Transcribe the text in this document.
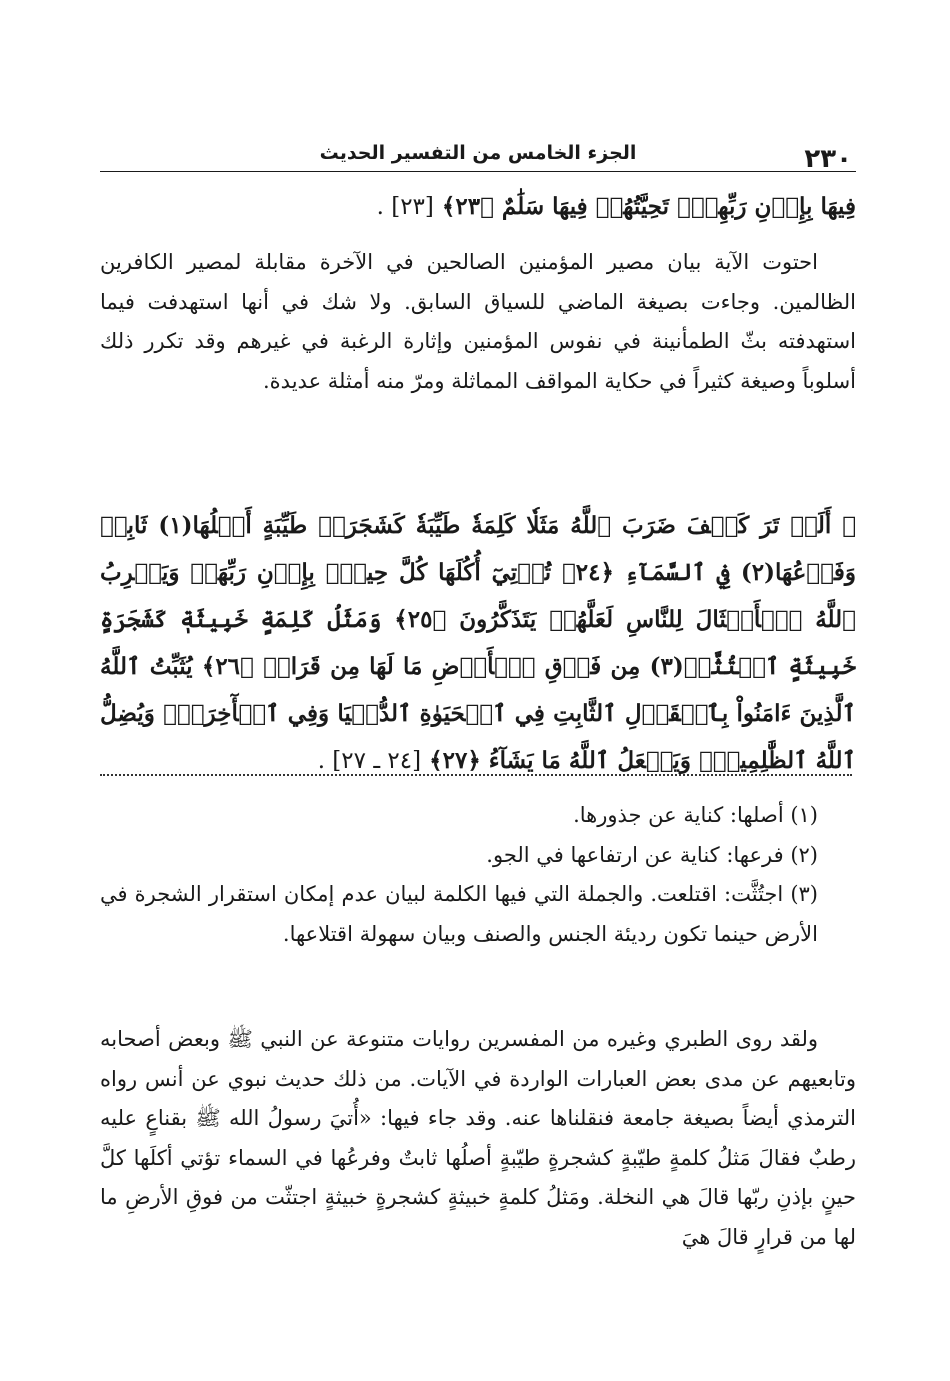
٢٣٠
الجزء الخامس من التفسير الحديث
فِيهَا بِإِذۡنِ رَبِّهِمۡۖ تَحِيَّتُهُمۡ فِيهَا سَلَٰمٌ ﴿٢٣﴾ [٢٣] .
احتوت الآية بيان مصير المؤمنين الصالحين في الآخرة مقابلة لمصير الكافرين الظالمين. وجاءت بصيغة الماضي للسياق السابق. ولا شك في أنها استهدفت فيما استهدفته بثّ الطمأنينة في نفوس المؤمنين وإثارة الرغبة في غيرهم وقد تكرر ذلك أسلوباً وصيغة كثيراً في حكاية المواقف المماثلة ومرّ منه أمثلة عديدة.
﴿ أَلَمۡ تَرَ كَيۡفَ ضَرَبَ ٱللَّهُ مَثَلٗا كَلِمَةٗ طَيِّبَةٗ كَشَجَرَةٖ طَيِّبَةٍ أَصۡلُهَا(١) ثَابِتٞ وَفَرۡعُهَا(٢) فِي ٱلسَّمَآءِ ﴿٢٤﴾ تُؤۡتِيٓ أُكُلَهَا كُلَّ حِينِۭ بِإِذۡنِ رَبِّهَاۗ وَيَضۡرِبُ ٱللَّهُ ٱلۡأَمۡثَالَ لِلنَّاسِ لَعَلَّهُمۡ يَتَذَكَّرُونَ ﴿٢٥﴾ وَمَثَلُ كَلِمَةٍ خَبِيثَةٖ كَشَجَرَةٍ خَبِيثَةٍ ٱجۡتُثَّتۡ(٣) مِن فَوۡقِ ٱلۡأَرۡضِ مَا لَهَا مِن قَرَارٖ ﴿٢٦﴾ يُثَبِّتُ ٱللَّهُ ٱلَّذِينَ ءَامَنُواْ بِٱلۡقَوۡلِ ٱلثَّابِتِ فِي ٱلۡحَيَوٰةِ ٱلدُّنۡيَا وَفِي ٱلۡأٓخِرَةِۖ وَيُضِلُّ ٱللَّهُ ٱلظَّٰلِمِينَۚ وَيَفۡعَلُ ٱللَّهُ مَا يَشَآءُ ﴿٢٧﴾ [٢٤ ـ ٢٧] .
(١) أصلها: كناية عن جذورها.
(٢) فرعها: كناية عن ارتفاعها في الجو.
(٣) اجتُثَّت: اقتلعت. والجملة التي فيها الكلمة لبيان عدم إمكان استقرار الشجرة في الأرض حينما تكون رديئة الجنس والصنف وبيان سهولة اقتلاعها.
ولقد روى الطبري وغيره من المفسرين روايات متنوعة عن النبي ﷺ وبعض أصحابه وتابعيهم عن مدى بعض العبارات الواردة في الآيات. من ذلك حديث نبوي عن أنس رواه الترمذي أيضاً بصيغة جامعة فنقلناها عنه. وقد جاء فيها: «أُتيَ رسولُ الله ﷺ بقناعٍ عليه رطبٌ فقالَ مَثلُ كلمةٍ طيّبةٍ كشجرةٍ طيّبةٍ أصلُها ثابتٌ وفرعُها في السماء تؤتي أكلَها كلَّ حينٍ بإذنِ ربّها قالَ هي النخلة. ومَثلُ كلمةٍ خبيثةٍ كشجرةٍ خبيثةٍ اجتثّت من فوقِ الأرضِ ما لها من قرارٍ قالَ هيَ
